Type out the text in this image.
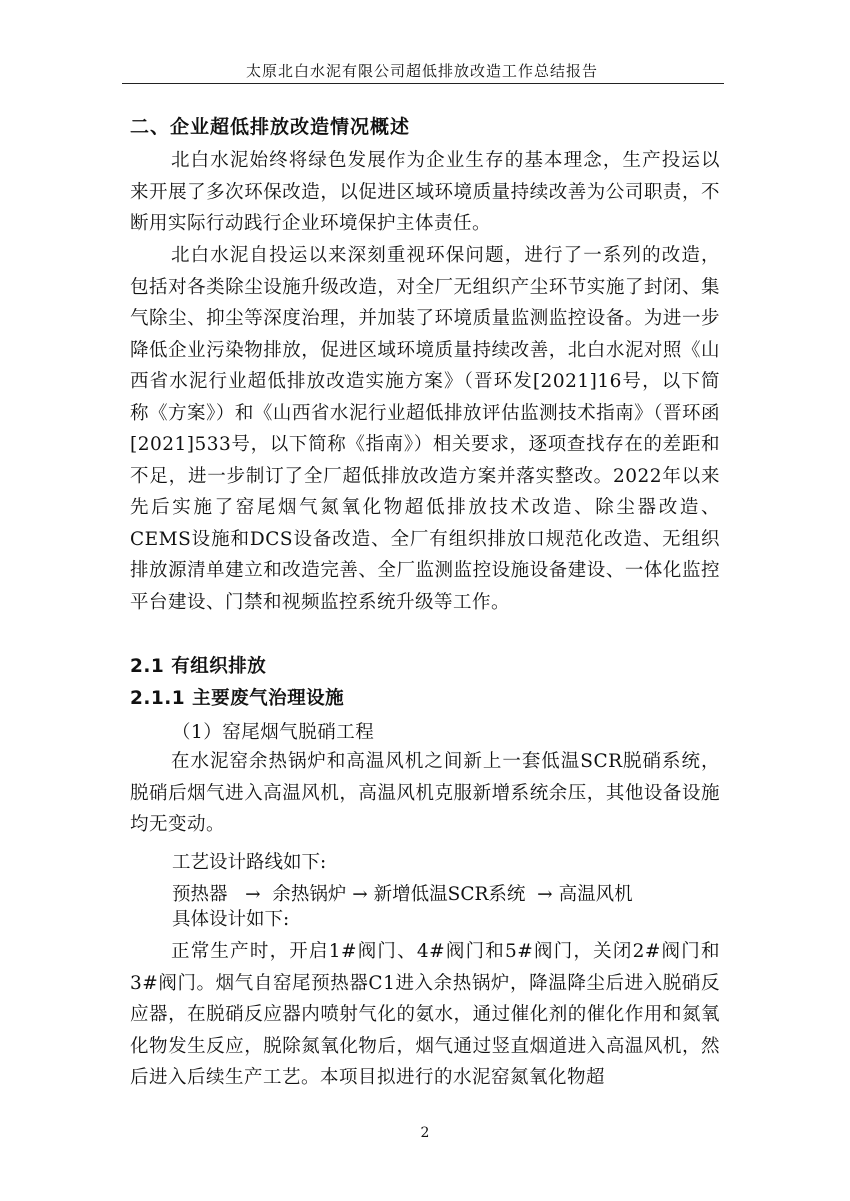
太原北白水泥有限公司超低排放改造工作总结报告
二、企业超低排放改造情况概述
北白水泥始终将绿色发展作为企业生存的基本理念，生产投运以来开展了多次环保改造，以促进区域环境质量持续改善为公司职责，不断用实际行动践行企业环境保护主体责任。
北白水泥自投运以来深刻重视环保问题，进行了一系列的改造，包括对各类除尘设施升级改造，对全厂无组织产尘环节实施了封闭、集气除尘、抑尘等深度治理，并加装了环境质量监测监控设备。为进一步降低企业污染物排放，促进区域环境质量持续改善，北白水泥对照《山西省水泥行业超低排放改造实施方案》（晋环发[2021]16号，以下简称《方案》）和《山西省水泥行业超低排放评估监测技术指南》（晋环函[2021]533号，以下简称《指南》）相关要求，逐项查找存在的差距和不足，进一步制订了全厂超低排放改造方案并落实整改。2022年以来先后实施了窑尾烟气氮氧化物超低排放技术改造、除尘器改造、CEMS设施和DCS设备改造、全厂有组织排放口规范化改造、无组织排放源清单建立和改造完善、全厂监测监控设施设备建设、一体化监控平台建设、门禁和视频监控系统升级等工作。
2.1 有组织排放
2.1.1 主要废气治理设施
（1）窑尾烟气脱硝工程
在水泥窑余热锅炉和高温风机之间新上一套低温SCR脱硝系统，脱硝后烟气进入高温风机，高温风机克服新增系统余压，其他设备设施均无变动。
工艺设计路线如下:
预热器   →  余热锅炉 → 新增低温SCR系统  → 高温风机
具体设计如下:
正常生产时，开启1#阀门、4#阀门和5#阀门，关闭2#阀门和3#阀门。烟气自窑尾预热器C1进入余热锅炉，降温降尘后进入脱硝反应器，在脱硝反应器内喷射气化的氨水，通过催化剂的催化作用和氮氧化物发生反应，脱除氮氧化物后，烟气通过竖直烟道进入高温风机，然后进入后续生产工艺。本项目拟进行的水泥窑氮氧化物超
2
